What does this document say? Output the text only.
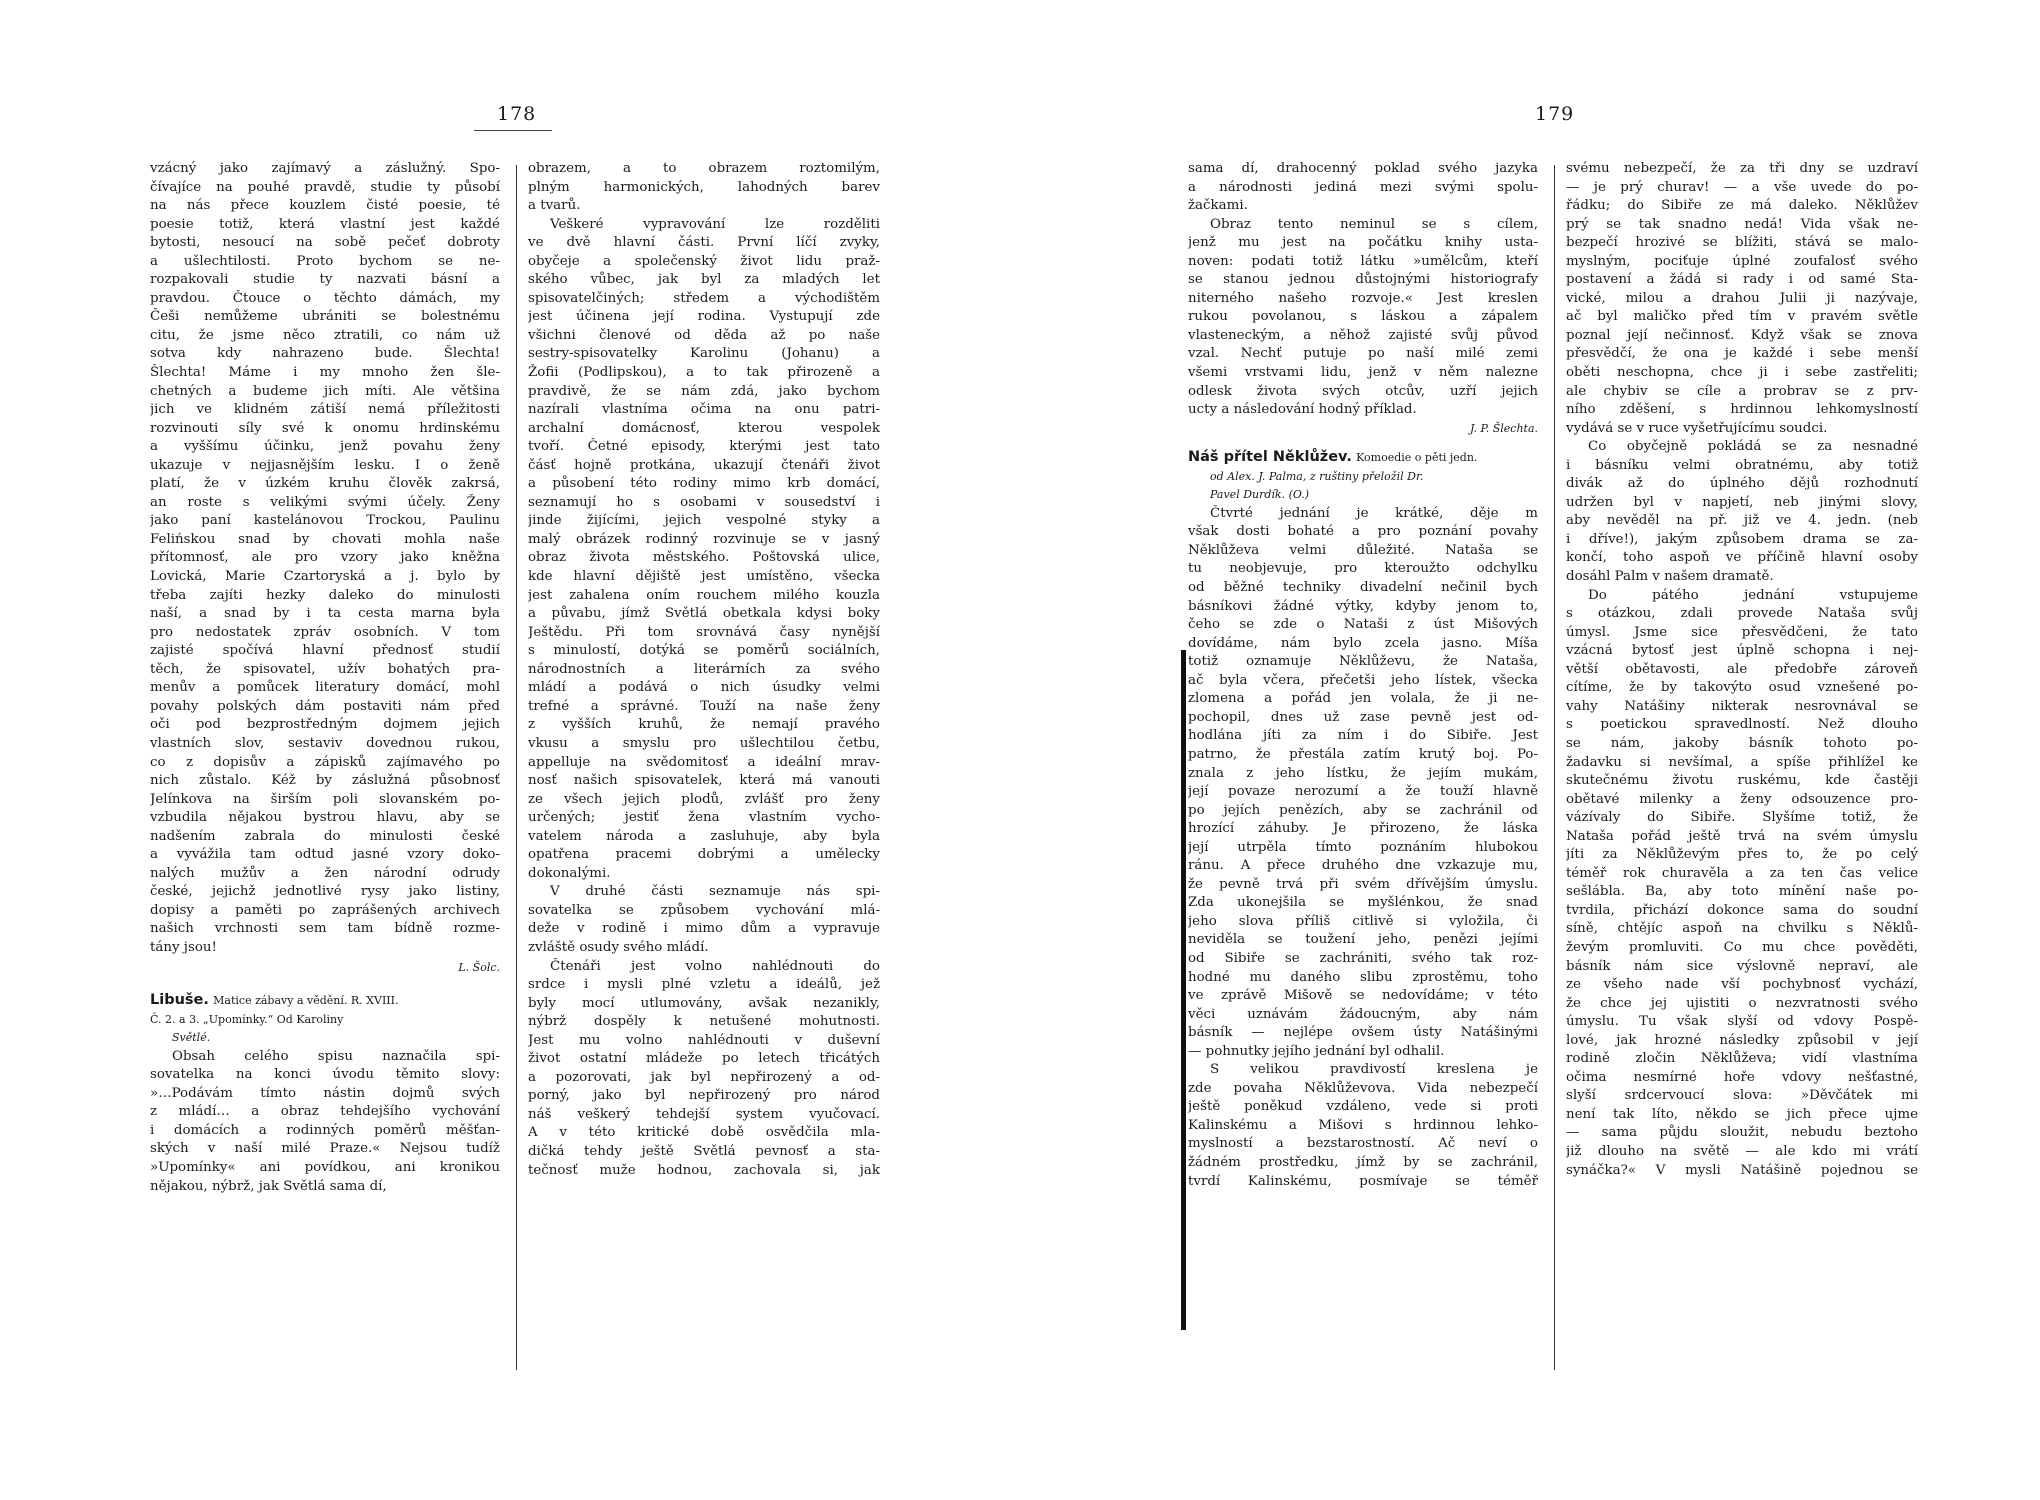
178
vzácný jako zajímavý a záslužný. Spo-
čívajíce na pouhé pravdě, studie ty působí
na nás přece kouzlem čisté poesie, té
poesie totiž, která vlastní jest každé
bytosti, nesoucí na sobě pečeť dobroty
a ušlechtilosti. Proto bychom se ne-
rozpakovali studie ty nazvati básní a
pravdou. Čtouce o těchto dámách, my
Češi nemůžeme ubrániti se bolestnému
citu, že jsme něco ztratili, co nám už
sotva kdy nahrazeno bude. Šlechta!
Šlechta! Máme i my mnoho žen šle-
chetných a budeme jich míti. Ale většina
jich ve klidném zátiší nemá příležitosti
rozvinouti síly své k onomu hrdinskému
a vyššímu účinku, jenž povahu ženy
ukazuje v nejjasnějším lesku. I o ženě
platí, že v úzkém kruhu člověk zakrsá,
an roste s velikými svými účely. Ženy
jako paní kastelánovou Trockou, Paulinu
Felińskou snad by chovati mohla naše
přítomnosť, ale pro vzory jako kněžna
Lovická, Marie Czartoryská a j. bylo by
třeba zajíti hezky daleko do minulosti
naší, a snad by i ta cesta marna byla
pro nedostatek zpráv osobních. V tom
zajisté spočívá hlavní přednosť studií
těch, že spisovatel, užív bohatých pra-
menův a pomůcek literatury domácí, mohl
povahy polských dám postaviti nám před
oči pod bezprostředným dojmem jejich
vlastních slov, sestaviv dovednou rukou,
co z dopisův a zápisků zajímavého po
nich zůstalo. Kéž by záslužná působnosť
Jelínkova na širším poli slovanském po-
vzbudila nějakou bystrou hlavu, aby se
nadšením zabrala do minulosti české
a vyvážila tam odtud jasné vzory doko-
nalých mužův a žen národní odrudy
české, jejichž jednotlivé rysy jako listiny,
dopisy a paměti po zaprášených archivech
našich vrchnosti sem tam bídně rozme-
tány jsou!
L. Šolc.
Libuše. Matice zábavy a vědění. R. XVIII.
Č. 2. a 3. „Upomínky.“ Od Karoliny
Světlé.
Obsah celého spisu naznačila spi-
sovatelka na konci úvodu těmito slovy:
»…Podávám tímto nástin dojmů svých
z mládí… a obraz tehdejšího vychování
i domácích a rodinných poměrů měšťan-
ských v naší milé Praze.« Nejsou tudíž
»Upomínky« ani povídkou, ani kronikou
nějakou, nýbrž, jak Světlá sama dí,
obrazem, a to obrazem roztomilým,
plným harmonických, lahodných barev
a tvarů.
Veškeré vypravování lze rozděliti
ve dvě hlavní části. První líčí zvyky,
obyčeje a společenský život lidu praž-
ského vůbec, jak byl za mladých let
spisovatelčiných; středem a východištěm
jest účinena její rodina. Vystupují zde
všichni členové od děda až po naše
sestry-spisovatelky Karolinu (Johanu) a
Žofii (Podlipskou), a to tak přirozeně a
pravdivě, že se nám zdá, jako bychom
nazírali vlastníma očima na onu patri-
archalní domácnosť, kterou vespolek
tvoří. Četné episody, kterými jest tato
čásť hojně protkána, ukazují čtenáři život
a působení této rodiny mimo krb domácí,
seznamují ho s osobami v sousedství i
jinde žijícími, jejich vespolné styky a
malý obrázek rodinný rozvinuje se v jasný
obraz života městského. Poštovská ulice,
kde hlavní dějiště jest umístěno, všecka
jest zahalena oním rouchem milého kouzla
a půvabu, jímž Světlá obetkala kdysi boky
Ještědu. Při tom srovnává časy nynější
s minulostí, dotýká se poměrů sociálních,
národnostních a literárních za svého
mládí a podává o nich úsudky velmi
trefné a správné. Touží na naše ženy
z vyšších kruhů, že nemají pravého
vkusu a smyslu pro ušlechtilou četbu,
appelluje na svědomitosť a ideální mrav-
nosť našich spisovatelek, která má vanouti
ze všech jejich plodů, zvlášť pro ženy
určených; jestiť žena vlastním vycho-
vatelem národa a zasluhuje, aby byla
opatřena pracemi dobrými a umělecky
dokonalými.
V druhé části seznamuje nás spi-
sovatelka se způsobem vychování mlá-
deže v rodině i mimo dům a vypravuje
zvláště osudy svého mládí.
Čtenáři jest volno nahlédnouti do
srdce i mysli plné vzletu a ideálů, jež
byly mocí utlumovány, avšak nezanikly,
nýbrž dospěly k netušené mohutnosti.
Jest mu volno nahlédnouti v duševní
život ostatní mládeže po letech třicátých
a pozorovati, jak byl nepřirozený a od-
porný, jako byl nepřirozený pro národ
náš veškerý tehdejší system vyučovací.
A v této kritické době osvědčila mla-
dičká tehdy ještě Světlá pevnosť a sta-
tečnosť muže hodnou, zachovala si, jak
179
sama dí, drahocenný poklad svého jazyka
a národnosti jediná mezi svými spolu-
žačkami.
Obraz tento neminul se s cílem,
jenž mu jest na počátku knihy usta-
noven: podati totiž látku »umělcům, kteří
se stanou jednou důstojnými historiografy
niterného našeho rozvoje.« Jest kreslen
rukou povolanou, s láskou a zápalem
vlasteneckým, a něhož zajisté svůj původ
vzal. Nechť putuje po naší milé zemi
všemi vrstvami lidu, jenž v něm nalezne
odlesk života svých otcův, uzří jejich
ucty a následování hodný příklad.
J. P. Šlechta.
Náš přítel Něklůžev. Komoedie o pěti jedn.
od Alex. J. Palma, z ruštiny přeložil Dr.
Pavel Durdík. (O.)
Čtvrté jednání je krátké, děje m
však dosti bohaté a pro poznání povahy
Něklůževa velmi důležité. Nataša se
tu neobjevuje, pro kteroužto odchylku
od běžné techniky divadelní nečinil bych
básníkovi žádné výtky, kdyby jenom to,
čeho se zde o Nataši z úst Mišových
dovídáme, nám bylo zcela jasno. Míša
totiž oznamuje Něklůževu, že Nataša,
ač byla včera, přečetši jeho lístek, všecka
zlomena a pořád jen volala, že ji ne-
pochopil, dnes už zase pevně jest od-
hodlána jíti za ním i do Sibiře. Jest
patrno, že přestála zatím krutý boj. Po-
znala z jeho lístku, že jejím mukám,
její povaze nerozumí a že touží hlavně
po jejích penězích, aby se zachránil od
hrozící záhuby. Je přirozeno, že láska
její utrpěla tímto poznáním hlubokou
ránu. A přece druhého dne vzkazuje mu,
že pevně trvá při svém dřívějším úmyslu.
Zda ukonejšila se myšlénkou, že snad
jeho slova příliš citlivě si vyložila, či
neviděla se toužení jeho, penězi jejími
od Sibiře se zachrániti, svého tak roz-
hodné mu daného slibu zprostěmu, toho
ve zprávě Mišově se nedovídáme; v této
věci uznávám žádoucným, aby nám
básník — nejlépe ovšem ústy Natášinými
— pohnutky jejího jednání byl odhalil.
S velikou pravdivostí kreslena je
zde povaha Něklůževova. Vida nebezpečí
ještě poněkud vzdáleno, vede si proti
Kalinskému a Mišovi s hrdinnou lehko-
myslností a bezstarostností. Ač neví o
žádném prostředku, jímž by se zachránil,
tvrdí Kalinskému, posmívaje se téměř
svému nebezpečí, že za tři dny se uzdraví
— je prý churav! — a vše uvede do po-
řádku; do Sibiře ze má daleko. Něklůžev
prý se tak snadno nedá! Vida však ne-
bezpečí hrozivé se blížiti, stává se malo-
myslným, pociťuje úplné zoufalosť svého
postavení a žádá si rady i od samé Sta-
vické, milou a drahou Julii ji nazývaje,
ač byl maličko před tím v pravém světle
poznal její nečinnosť. Když však se znova
přesvědčí, že ona je každé i sebe menší
oběti neschopna, chce ji i sebe zastřeliti;
ale chybiv se cíle a probrav se z prv-
ního zděšení, s hrdinnou lehkomyslností
vydává se v ruce vyšetřujícímu soudci.
Co obyčejně pokládá se za nesnadné
i básníku velmi obratnému, aby totiž
divák až do úplného dějů rozhodnutí
udržen byl v napjetí, neb jinými slovy,
aby nevěděl na př. již ve 4. jedn. (neb
i dříve!), jakým způsobem drama se za-
končí, toho aspoň ve příčině hlavní osoby
dosáhl Palm v našem dramatě.
Do pátého jednání vstupujeme
s otázkou, zdali provede Nataša svůj
úmysl. Jsme sice přesvědčeni, že tato
vzácná bytosť jest úplně schopna i nej-
větší obětavosti, ale předobře zároveň
cítíme, že by takovýto osud vznešené po-
vahy Natášiny nikterak nesrovnával se
s poetickou spravedlností. Než dlouho
se nám, jakoby básník tohoto po-
žadavku si nevšímal, a spíše přihlížel ke
skutečnému životu ruskému, kde častěji
obětavé milenky a ženy odsouzence pro-
vázívaly do Sibiře. Slyšíme totiž, že
Nataša pořád ještě trvá na svém úmyslu
jíti za Něklůževým přes to, že po celý
téměř rok churavěla a za ten čas velice
sešlábla. Ba, aby toto mínění naše po-
tvrdila, přichází dokonce sama do soudní
síně, chtějíc aspoň na chvilku s Něklů-
ževým promluviti. Co mu chce pověděti,
básník nám sice výslovně nepraví, ale
ze všeho nade vší pochybnosť vychází,
že chce jej ujistiti o nezvratnosti svého
úmyslu. Tu však slyší od vdovy Pospě-
lové, jak hrozné následky způsobil v její
rodině zločin Něklůževa; vidí vlastníma
očima nesmírné hoře vdovy nešťastné,
slyší srdcervoucí slova: »Děvčátek mi
není tak líto, někdo se jich přece ujme
— sama půjdu sloužit, nebudu beztoho
již dlouho na světě — ale kdo mi vrátí
synáčka?« V mysli Natášině pojednou se
